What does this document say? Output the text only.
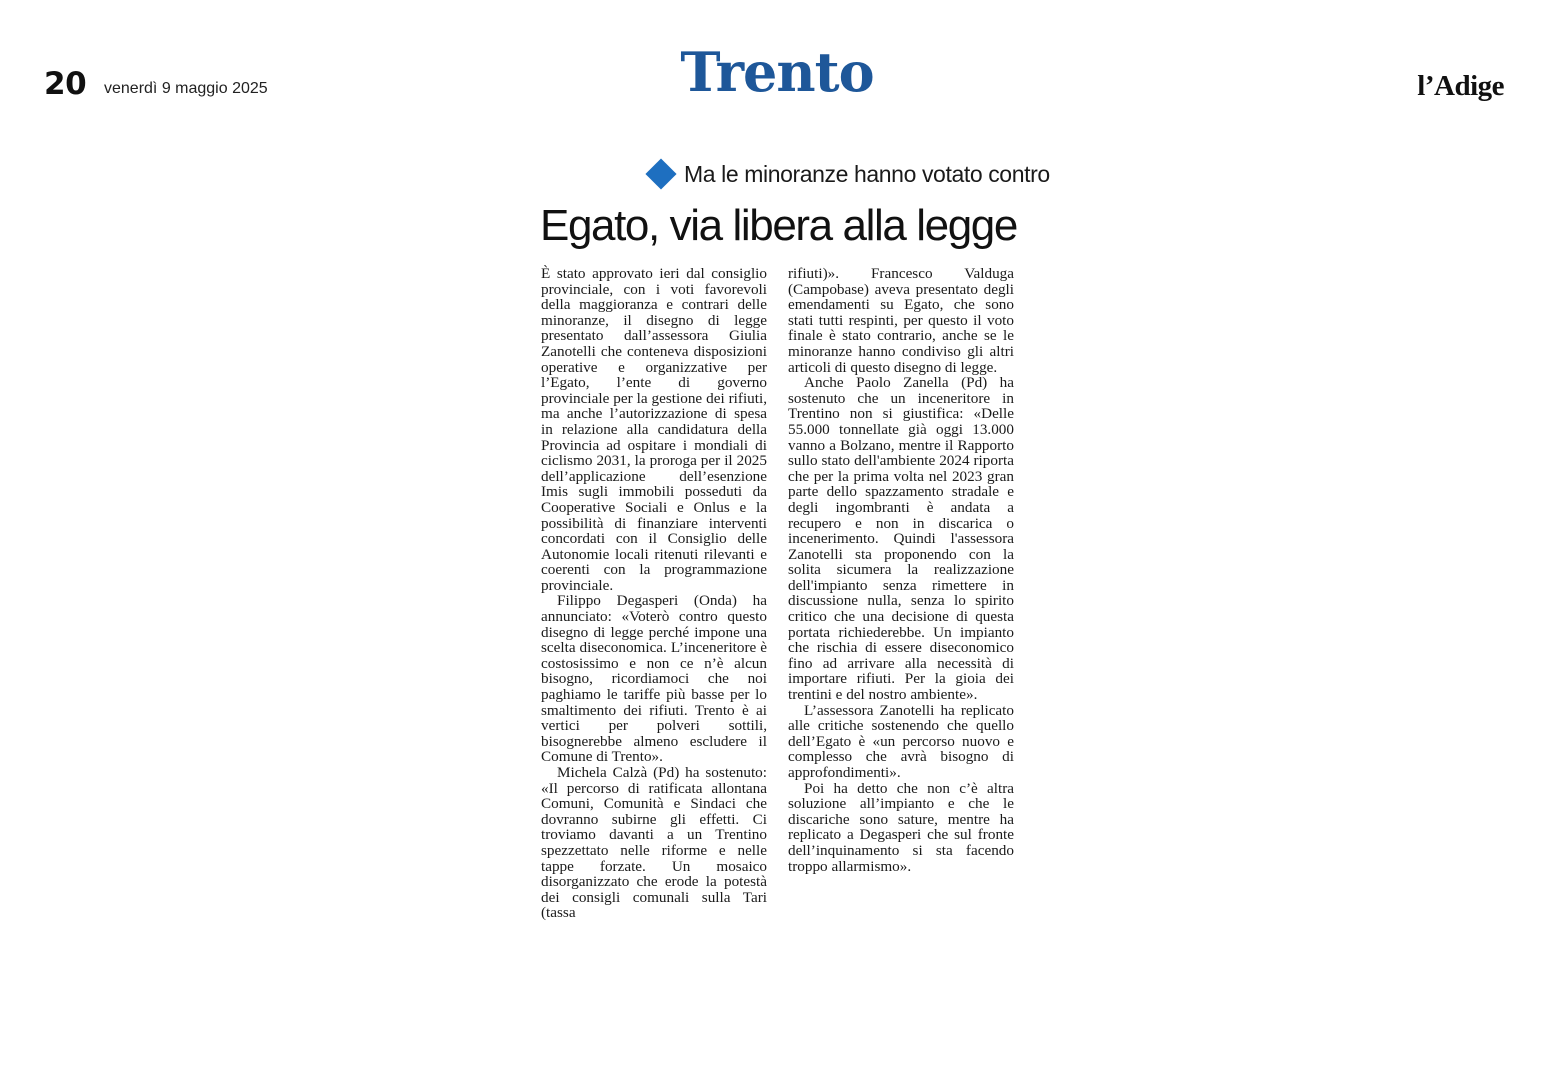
20 venerdì 9 maggio 2025	Trento	l’Adige
Ma le minoranze hanno votato contro
Egato, via libera alla legge

È stato approvato ieri dal consiglio provinciale, con i voti favorevoli della maggioranza e contrari delle minoranze, il disegno di legge presentato dall’assessora Giulia Zanotelli che conteneva disposizioni operative e organizzative per l’Egato, l’ente di governo provinciale per la gestione dei rifiuti, ma anche l’autorizzazione di spesa in relazione alla candidatura della Provincia ad ospitare i mondiali di ciclismo 2031, la proroga per il 2025 dell’applicazione dell’esenzione Imis sugli immobili posseduti da Cooperative Sociali e Onlus e la possibilità di finanziare interventi concordati con il Consiglio delle Autonomie locali ritenuti rilevanti e coerenti con la programmazione provinciale.

Filippo Degasperi (Onda) ha annunciato: «Voterò contro questo disegno di legge perché impone una scelta diseconomica. L’inceneritore è costosissimo e non ce n’è alcun bisogno, ricordiamoci che noi paghiamo le tariffe più basse per lo smaltimento dei rifiuti. Trento è ai vertici per polveri sottili, bisognerebbe almeno escludere il Comune di Trento».

Michela Calzà (Pd) ha sostenuto: «Il percorso di ratificata allontana Comuni, Comunità e Sindaci che dovranno subirne gli effetti. Ci troviamo davanti a un Trentino spezzettato nelle riforme e nelle tappe forzate. Un mosaico disorganizzato che erode la potestà dei consigli comunali sulla Tari (tassa

rifiuti)». Francesco Valduga (Campobase) aveva presentato degli emendamenti su Egato, che sono stati tutti respinti, per questo il voto finale è stato contrario, anche se le minoranze hanno condiviso gli altri articoli di questo disegno di legge.

Anche Paolo Zanella (Pd) ha sostenuto che un inceneritore in Trentino non si giustifica: «Delle 55.000 tonnellate già oggi 13.000 vanno a Bolzano, mentre il Rapporto sullo stato dell'ambiente 2024 riporta che per la prima volta nel 2023 gran parte dello spazzamento stradale e degli ingombranti è andata a recupero e non in discarica o incenerimento. Quindi l'assessora Zanotelli sta proponendo con la solita sicumera la realizzazione dell'impianto senza rimettere in discussione nulla, senza lo spirito critico che una decisione di questa portata richiederebbe. Un impianto che rischia di essere diseconomico fino ad arrivare alla necessità di importare rifiuti. Per la gioia dei trentini e del nostro ambiente».

L’assessora Zanotelli ha replicato alle critiche sostenendo che quello dell’Egato è «un percorso nuovo e complesso che avrà bisogno di approfondimenti».

Poi ha detto che non c’è altra soluzione all’impianto e che le discariche sono sature, mentre ha replicato a Degasperi che sul fronte dell’inquinamento si sta facendo troppo allarmismo».
